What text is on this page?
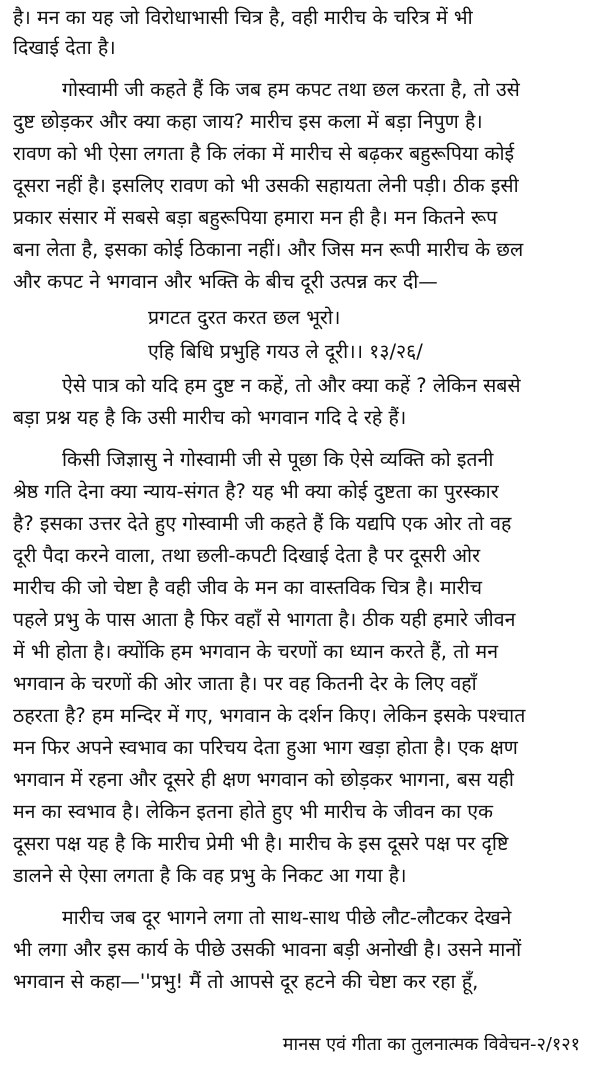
है। मन का यह जो विरोधाभासी चित्र है, वही मारीच के चरित्र में भी
दिखाई देता है।
गोस्वामी जी कहते हैं कि जब हम कपट तथा छल करता है, तो उसे
दुष्ट छोड़कर और क्या कहा जाय? मारीच इस कला में बड़ा निपुण है।
रावण को भी ऐसा लगता है कि लंका में मारीच से बढ़कर बहुरूपिया कोई
दूसरा नहीं है। इसलिए रावण को भी उसकी सहायता लेनी पड़ी। ठीक इसी
प्रकार संसार में सबसे बड़ा बहुरूपिया हमारा मन ही है। मन कितने रूप
बना लेता है, इसका कोई ठिकाना नहीं। और जिस मन रूपी मारीच के छल
और कपट ने भगवान और भक्ति के बीच दूरी उत्पन्न कर दी—
प्रगटत दुरत करत छल भूरो।
एहि बिधि प्रभुहि गयउ ले दूरी।। १३/२६/
ऐसे पात्र को यदि हम दुष्ट न कहें, तो और क्या कहें ? लेकिन सबसे
बड़ा प्रश्न यह है कि उसी मारीच को भगवान गदि दे रहे हैं।
किसी जिज्ञासु ने गोस्वामी जी से पूछा कि ऐसे व्यक्ति को इतनी
श्रेष्ठ गति देना क्या न्याय-संगत है? यह भी क्या कोई दुष्टता का पुरस्कार
है? इसका उत्तर देते हुए गोस्वामी जी कहते हैं कि यद्यपि एक ओर तो वह
दूरी पैदा करने वाला, तथा छली-कपटी दिखाई देता है पर दूसरी ओर
मारीच की जो चेष्टा है वही जीव के मन का वास्तविक चित्र है। मारीच
पहले प्रभु के पास आता है फिर वहाँ से भागता है। ठीक यही हमारे जीवन
में भी होता है। क्योंकि हम भगवान के चरणों का ध्यान करते हैं, तो मन
भगवान के चरणों की ओर जाता है। पर वह कितनी देर के लिए वहाँ
ठहरता है? हम मन्दिर में गए, भगवान के दर्शन किए। लेकिन इसके पश्चात
मन फिर अपने स्वभाव का परिचय देता हुआ भाग खड़ा होता है। एक क्षण
भगवान में रहना और दूसरे ही क्षण भगवान को छोड़कर भागना, बस यही
मन का स्वभाव है। लेकिन इतना होते हुए भी मारीच के जीवन का एक
दूसरा पक्ष यह है कि मारीच प्रेमी भी है। मारीच के इस दूसरे पक्ष पर दृष्टि
डालने से ऐसा लगता है कि वह प्रभु के निकट आ गया है।
मारीच जब दूर भागने लगा तो साथ-साथ पीछे लौट-लौटकर देखने
भी लगा और इस कार्य के पीछे उसकी भावना बड़ी अनोखी है। उसने मानों
भगवान से कहा—''प्रभु! मैं तो आपसे दूर हटने की चेष्टा कर रहा हूँ,
मानस एवं गीता का तुलनात्मक विवेचन-२/१२१
